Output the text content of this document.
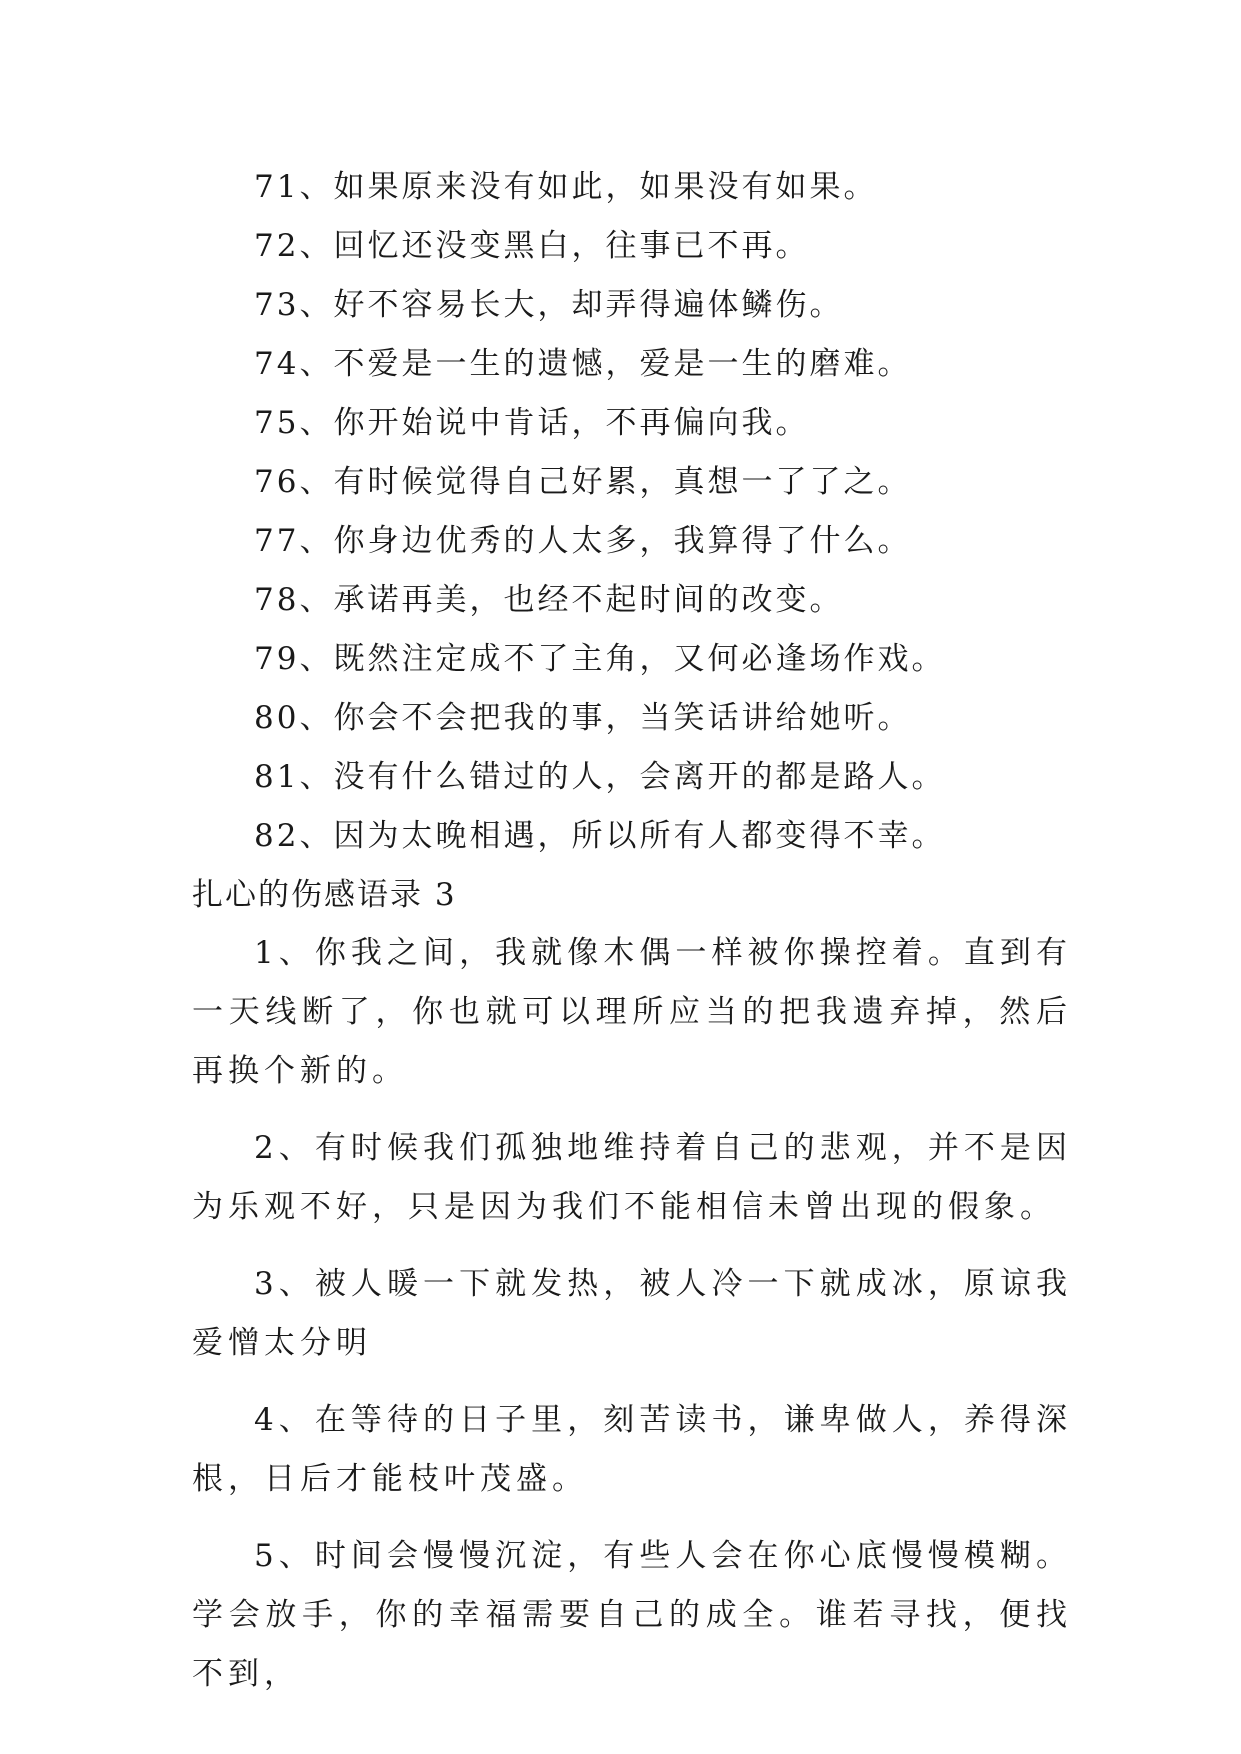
71、如果原来没有如此，如果没有如果。

72、回忆还没变黑白，往事已不再。

73、好不容易长大，却弄得遍体鳞伤。

74、不爱是一生的遗憾，爱是一生的磨难。

75、你开始说中肯话，不再偏向我。

76、有时候觉得自己好累，真想一了了之。

77、你身边优秀的人太多，我算得了什么。

78、承诺再美，也经不起时间的改变。

79、既然注定成不了主角，又何必逢场作戏。

80、你会不会把我的事，当笑话讲给她听。

81、没有什么错过的人，会离开的都是路人。

82、因为太晚相遇，所以所有人都变得不幸。

扎心的伤感语录 3

1、你我之间，我就像木偶一样被你操控着。直到有一天线断了，你也就可以理所应当的把我遗弃掉，然后再换个新的。

2、有时候我们孤独地维持着自己的悲观，并不是因为乐观不好，只是因为我们不能相信未曾出现的假象。

3、被人暖一下就发热，被人冷一下就成冰，原谅我爱憎太分明

4、在等待的日子里，刻苦读书，谦卑做人，养得深根，日后才能枝叶茂盛。

5、时间会慢慢沉淀，有些人会在你心底慢慢模糊。学会放手，你的幸福需要自己的成全。谁若寻找，便找不到，
